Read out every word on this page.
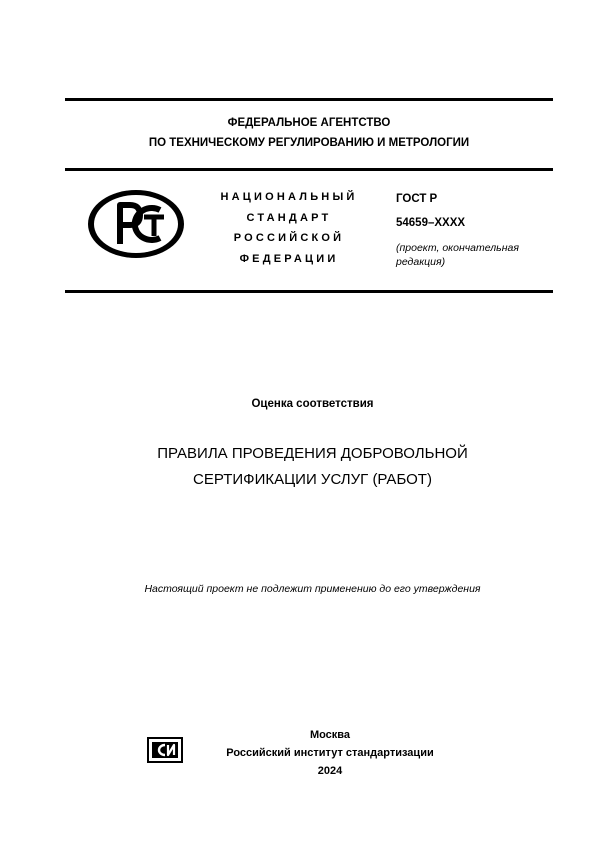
ФЕДЕРАЛЬНОЕ АГЕНТСТВО
ПО ТЕХНИЧЕСКОМУ РЕГУЛИРОВАНИЮ И МЕТРОЛОГИИ
НАЦИОНАЛЬНЫЙ
СТАНДАРТ
РОССИЙСКОЙ
ФЕДЕРАЦИИ
ГОСТ Р
54659–XXXX
(проект, окончательная редакция)
Оценка соответствия
ПРАВИЛА ПРОВЕДЕНИЯ ДОБРОВОЛЬНОЙ
СЕРТИФИКАЦИИ УСЛУГ (РАБОТ)
Настоящий проект не подлежит применению до его утверждения
Москва
Российский институт стандартизации
2024
